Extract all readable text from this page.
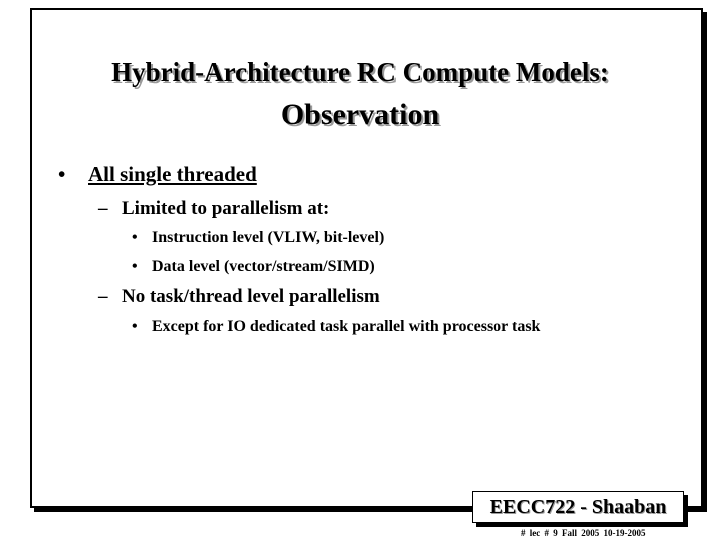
Hybrid-Architecture RC Compute Models:
Observation
• All single threaded
– Limited to parallelism at:
• Instruction level (VLIW, bit-level)
• Data level (vector/stream/SIMD)
– No task/thread level parallelism
• Except for IO dedicated task parallel with processor task
EECC722 - Shaaban
# lec # 9 Fall 2005 10-19-2005
